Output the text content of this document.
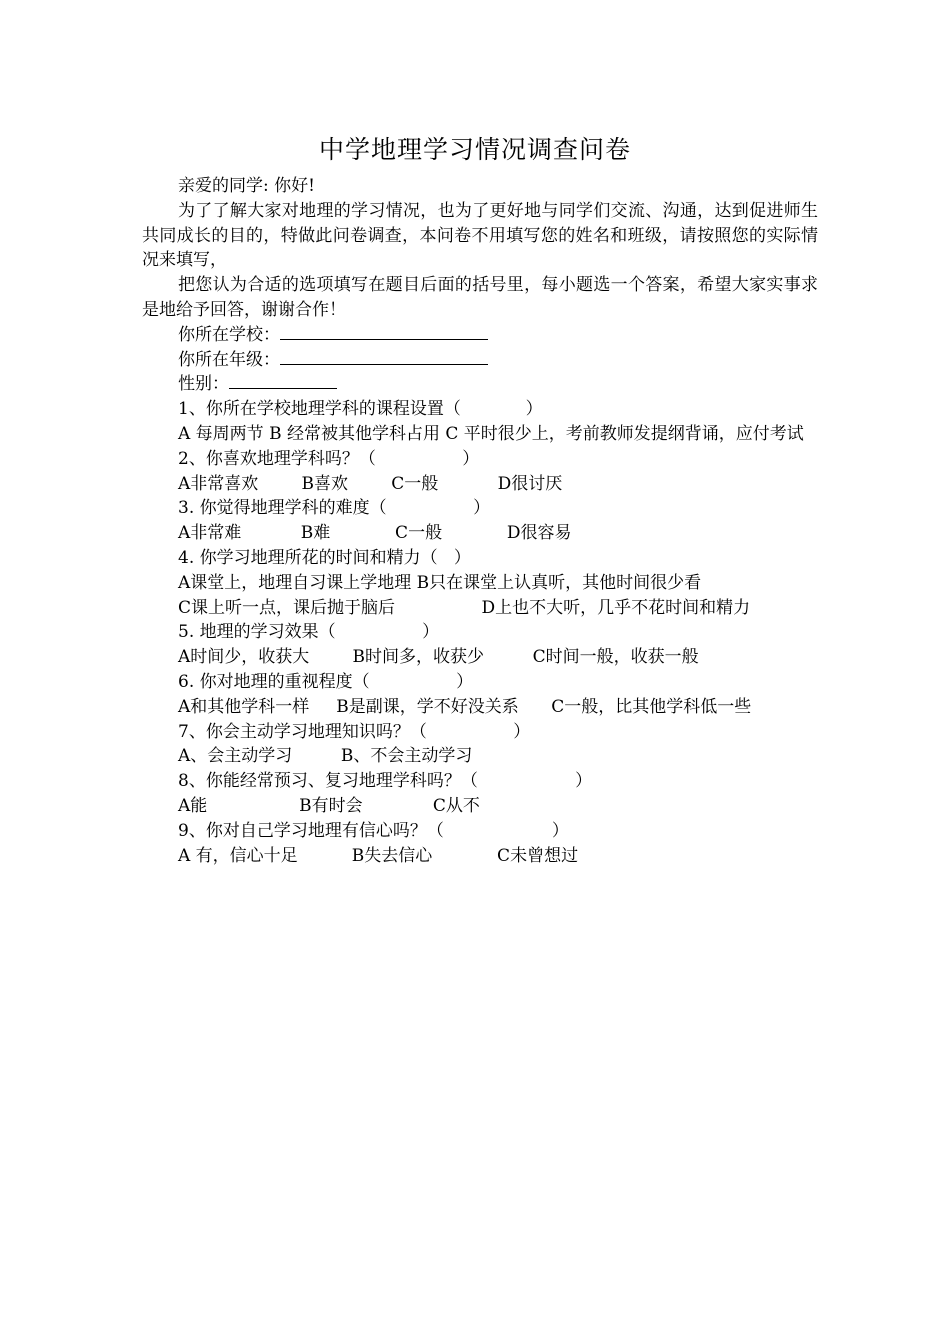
中学地理学习情况调查问卷

亲爱的同学: 你好!

为了了解大家对地理的学习情况，也为了更好地与同学们交流、沟通，达到促进师生共同成长的目的，特做此问卷调查，本问卷不用填写您的姓名和班级，请按照您的实际情况来填写，

把您认为合适的选项填写在题目后面的括号里，每小题选一个答案，希望大家实事求是地给予回答，谢谢合作！

你所在学校：
你所在年级：
性别：
1、你所在学校地理学科的课程设置（            ）

A 每周两节 B 经常被其他学科占用 C 平时很少上，考前教师发提纲背诵，应付考试

2、你喜欢地理学科吗？（                ）
A非常喜欢        B喜欢        C一般           D很讨厌
3. 你觉得地理学科的难度（                ）
A非常难           B难            C一般            D很容易
4. 你学习地理所花的时间和精力（   ）

A课堂上，地理自习课上学地理 B只在课堂上认真听，其他时间很少看

C课上听一点，课后抛于脑后                D上也不大听，几乎不花时间和精力
5. 地理的学习效果（                ）
A时间少，收获大        B时间多，收获少         C时间一般，收获一般
6. 你对地理的重视程度（                ）
A和其他学科一样     B是副课，学不好没关系      C一般，比其他学科低一些
7、你会主动学习地理知识吗？（                ）
A、会主动学习         B、不会主动学习
8、你能经常预习、复习地理学科吗？（                  ）
A能                 B有时会             C从不
9、你对自己学习地理有信心吗？（                    ）
A 有，信心十足          B失去信心            C未曾想过
